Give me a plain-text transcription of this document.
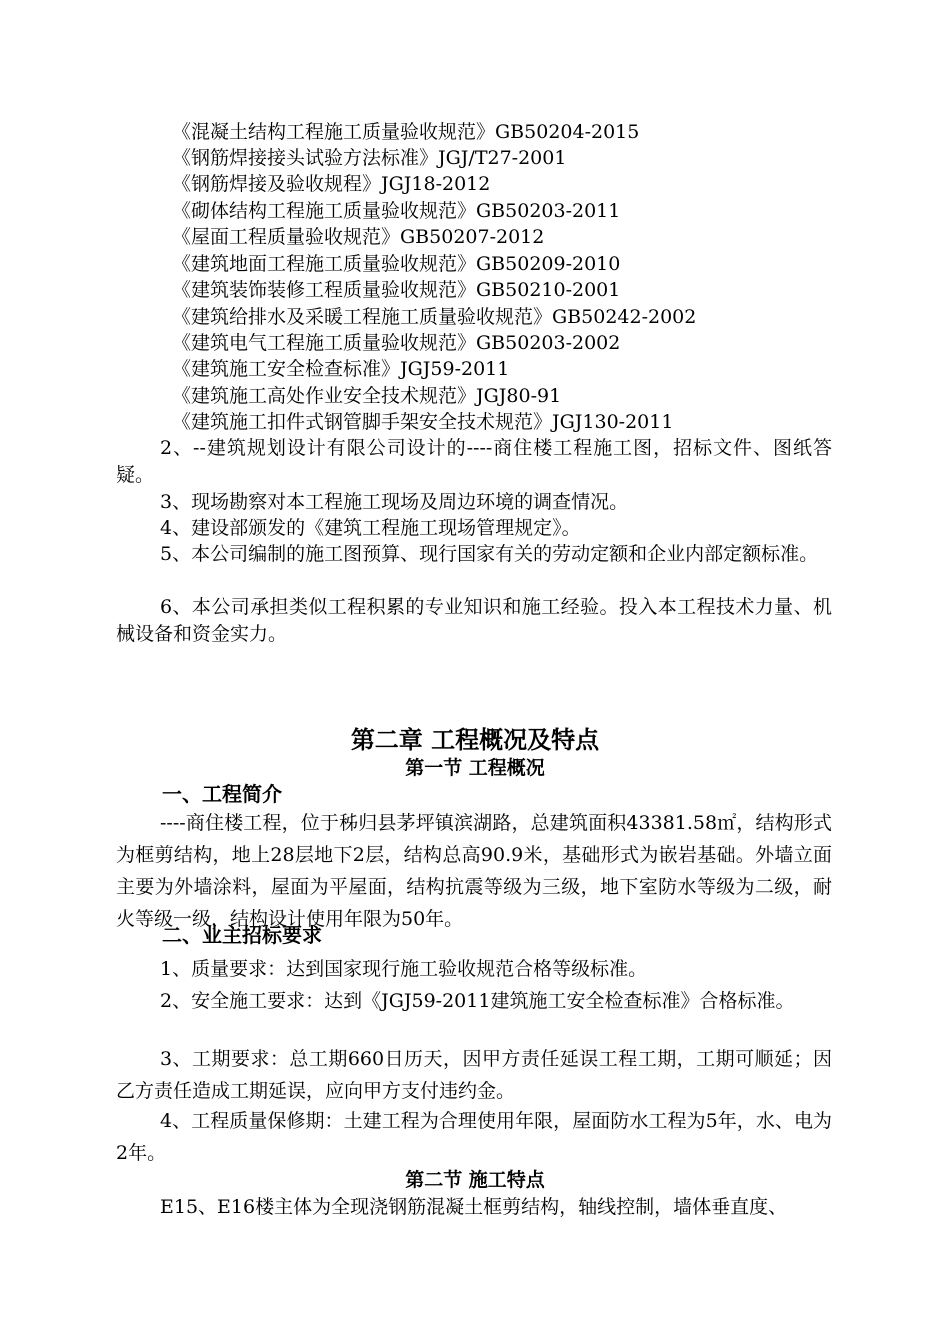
《混凝土结构工程施工质量验收规范》GB50204-2015
《钢筋焊接接头试验方法标准》JGJ/T27-2001
《钢筋焊接及验收规程》JGJ18-2012
《砌体结构工程施工质量验收规范》GB50203-2011
《屋面工程质量验收规范》GB50207-2012
《建筑地面工程施工质量验收规范》GB50209-2010
《建筑装饰装修工程质量验收规范》GB50210-2001
《建筑给排水及采暖工程施工质量验收规范》GB50242-2002
《建筑电气工程施工质量验收规范》GB50203-2002
《建筑施工安全检查标准》JGJ59-2011
《建筑施工高处作业安全技术规范》JGJ80-91
《建筑施工扣件式钢管脚手架安全技术规范》JGJ130-2011
2、--建筑规划设计有限公司设计的----商住楼工程施工图，招标文件、图纸答疑。
3、现场勘察对本工程施工现场及周边环境的调查情况。
4、建设部颁发的《建筑工程施工现场管理规定》。
5、本公司编制的施工图预算、现行国家有关的劳动定额和企业内部定额标准。
6、本公司承担类似工程积累的专业知识和施工经验。投入本工程技术力量、机械设备和资金实力。
第二章 工程概况及特点
第一节 工程概况
一、工程简介
----商住楼工程，位于秭归县茅坪镇滨湖路，总建筑面积43381.58㎡，结构形式为框剪结构，地上28层地下2层，结构总高90.9米，基础形式为嵌岩基础。外墙立面主要为外墙涂料，屋面为平屋面，结构抗震等级为三级，地下室防水等级为二级，耐火等级一级，结构设计使用年限为50年。
二、业主招标要求
1、质量要求：达到国家现行施工验收规范合格等级标准。
2、安全施工要求：达到《JGJ59-2011建筑施工安全检查标准》合格标准。
3、工期要求：总工期660日历天，因甲方责任延误工程工期，工期可顺延；因乙方责任造成工期延误，应向甲方支付违约金。
4、工程质量保修期：土建工程为合理使用年限，屋面防水工程为5年，水、电为2年。
第二节 施工特点
E15、E16楼主体为全现浇钢筋混凝土框剪结构，轴线控制，墙体垂直度、
